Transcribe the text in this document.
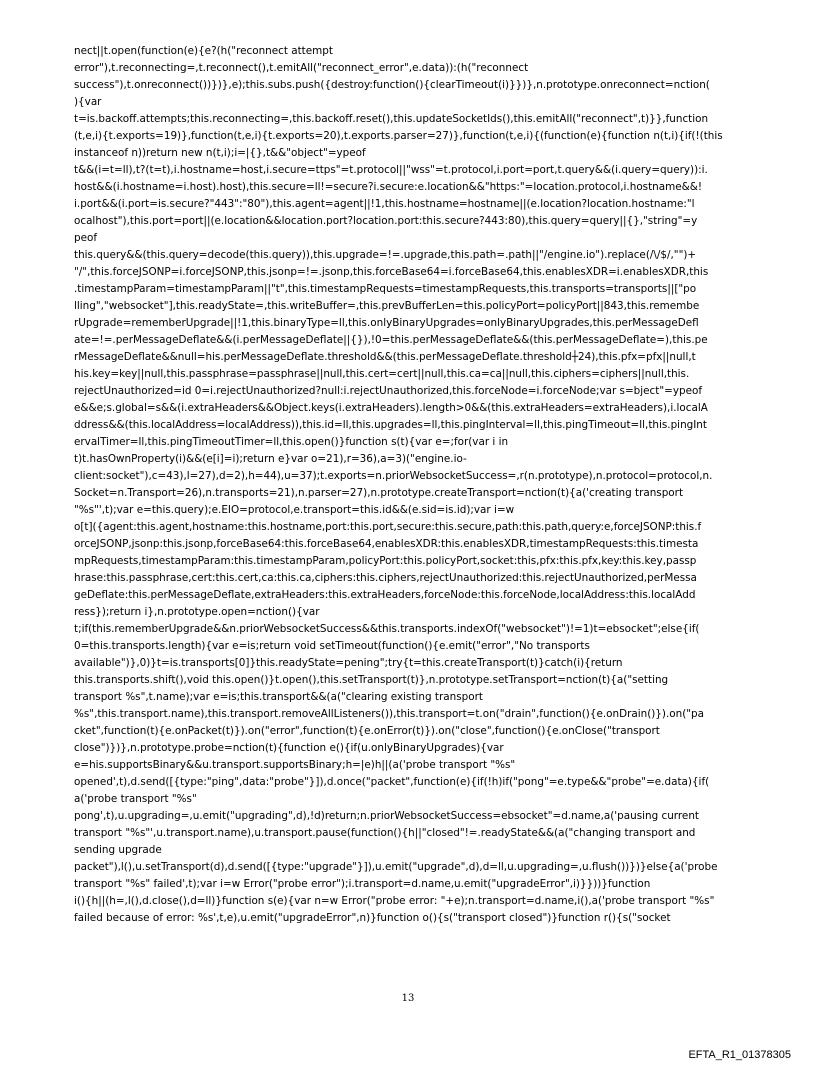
nect||t.open(function(e){e?(h("reconnect attempt
error"),t.reconnecting=,t.reconnect(),t.emitAll("reconnect_error",e.data)):(h("reconnect
success"),t.onreconnect())})},e);this.subs.push({destroy:function(){clearTimeout(i)}})},n.prototype.onreconnect=nction(
){var
t=is.backoff.attempts;this.reconnecting=,this.backoff.reset(),this.updateSocketIds(),this.emitAll("reconnect",t)}},function
(t,e,i){t.exports=19)},function(t,e,i){t.exports=20),t.exports.parser=27)},function(t,e,i){(function(e){function n(t,i){if(!(this
instanceof n))return new n(t,i);i=|{},t&&"object"=ypeof
t&&(i=t=ll),t?(t=t),i.hostname=host,i.secure=ttps"=t.protocol||"wss"=t.protocol,i.port=port,t.query&&(i.query=query)):i.
host&&(i.hostname=i.host).host),this.secure=ll!=secure?i.secure:e.location&&"https:"=location.protocol,i.hostname&&!
i.port&&(i.port=is.secure?"443":"80"),this.agent=agent||!1,this.hostname=hostname||(e.location?location.hostname:"l
ocalhost"),this.port=port||(e.location&&location.port?location.port:this.secure?443:80),this.query=query||{},"string"=y
peof
this.query&&(this.query=decode(this.query)),this.upgrade=!=.upgrade,this.path=.path||"/engine.io").replace(/\/$/,"")+
"/",this.forceJSONP=i.forceJSONP,this.jsonp=!=.jsonp,this.forceBase64=i.forceBase64,this.enablesXDR=i.enablesXDR,this
.timestampParam=timestampParam||"t",this.timestampRequests=timestampRequests,this.transports=transports||["po
lling","websocket"],this.readyState=,this.writeBuffer=,this.prevBufferLen=this.policyPort=policyPort||843,this.remembe
rUpgrade=rememberUpgrade||!1,this.binaryType=ll,this.onlyBinaryUpgrades=onlyBinaryUpgrades,this.perMessageDefl
ate=!=.perMessageDeflate&&(i.perMessageDeflate||{}),!0=this.perMessageDeflate&&(this.perMessageDeflate=),this.pe
rMessageDeflate&&null=his.perMessageDeflate.threshold&&(this.perMessageDeflate.threshold┼24),this.pfx=pfx||null,t
his.key=key||null,this.passphrase=passphrase||null,this.cert=cert||null,this.ca=ca||null,this.ciphers=ciphers||null,this.
rejectUnauthorized=id 0=i.rejectUnauthorized?null:i.rejectUnauthorized,this.forceNode=i.forceNode;var s=bject"=ypeof
e&&e;s.global=s&&(i.extraHeaders&&Object.keys(i.extraHeaders).length>0&&(this.extraHeaders=extraHeaders),i.localA
ddress&&(this.localAddress=localAddress)),this.id=ll,this.upgrades=ll,this.pingInterval=ll,this.pingTimeout=ll,this.pingInt
ervalTimer=ll,this.pingTimeoutTimer=ll,this.open()}function s(t){var e=;for(var i in
t)t.hasOwnProperty(i)&&(e[i]=i);return e}var o=21),r=36),a=3)("engine.io-
client:socket"),c=43),l=27),d=2),h=44),u=37);t.exports=n.priorWebsocketSuccess=,r(n.prototype),n.protocol=protocol,n.
Socket=n.Transport=26),n.transports=21),n.parser=27),n.prototype.createTransport=nction(t){a('creating transport
"%s"',t);var e=this.query);e.EIO=protocol,e.transport=this.id&&(e.sid=is.id);var i=w
o[t]({agent:this.agent,hostname:this.hostname,port:this.port,secure:this.secure,path:this.path,query:e,forceJSONP:this.f
orceJSONP,jsonp:this.jsonp,forceBase64:this.forceBase64,enablesXDR:this.enablesXDR,timestampRequests:this.timesta
mpRequests,timestampParam:this.timestampParam,policyPort:this.policyPort,socket:this,pfx:this.pfx,key:this.key,passp
hrase:this.passphrase,cert:this.cert,ca:this.ca,ciphers:this.ciphers,rejectUnauthorized:this.rejectUnauthorized,perMessa
geDeflate:this.perMessageDeflate,extraHeaders:this.extraHeaders,forceNode:this.forceNode,localAddress:this.localAdd
ress});return i},n.prototype.open=nction(){var
t;if(this.rememberUpgrade&&n.priorWebsocketSuccess&&this.transports.indexOf("websocket")!=1)t=ebsocket";else{if(
0=this.transports.length){var e=is;return void setTimeout(function(){e.emit("error","No transports
available")},0)}t=is.transports[0]}this.readyState=pening";try{t=this.createTransport(t)}catch(i){return
this.transports.shift(),void this.open()}t.open(),this.setTransport(t)},n.prototype.setTransport=nction(t){a("setting
transport %s",t.name);var e=is;this.transport&&(a("clearing existing transport
%s",this.transport.name),this.transport.removeAllListeners()),this.transport=t.on("drain",function(){e.onDrain()}).on("pa
cket",function(t){e.onPacket(t)}).on("error",function(t){e.onError(t)}).on("close",function(){e.onClose("transport
close")})},n.prototype.probe=nction(t){function e(){if(u.onlyBinaryUpgrades){var
e=his.supportsBinary&&u.transport.supportsBinary;h=|e)h||(a('probe transport "%s"
opened',t),d.send([{type:"ping",data:"probe"}]),d.once("packet",function(e){if(!h)if("pong"=e.type&&"probe"=e.data){if(
a('probe transport "%s"
pong',t),u.upgrading=,u.emit("upgrading",d),!d)return;n.priorWebsocketSuccess=ebsocket"=d.name,a('pausing current
transport "%s"',u.transport.name),u.transport.pause(function(){h||"closed"!=.readyState&&(a("changing transport and
sending upgrade
packet"),l(),u.setTransport(d),d.send([{type:"upgrade"}]),u.emit("upgrade",d),d=ll,u.upgrading=,u.flush())})}else{a('probe
transport "%s" failed',t);var i=w Error("probe error");i.transport=d.name,u.emit("upgradeError",i)}}))}function
i(){h||(h=,l(),d.close(),d=ll)}function s(e){var n=w Error("probe error: "+e);n.transport=d.name,i(),a('probe transport "%s"
failed because of error: %s',t,e),u.emit("upgradeError",n)}function o(){s("transport closed")}function r(){s("socket
13
EFTA_R1_01378305
